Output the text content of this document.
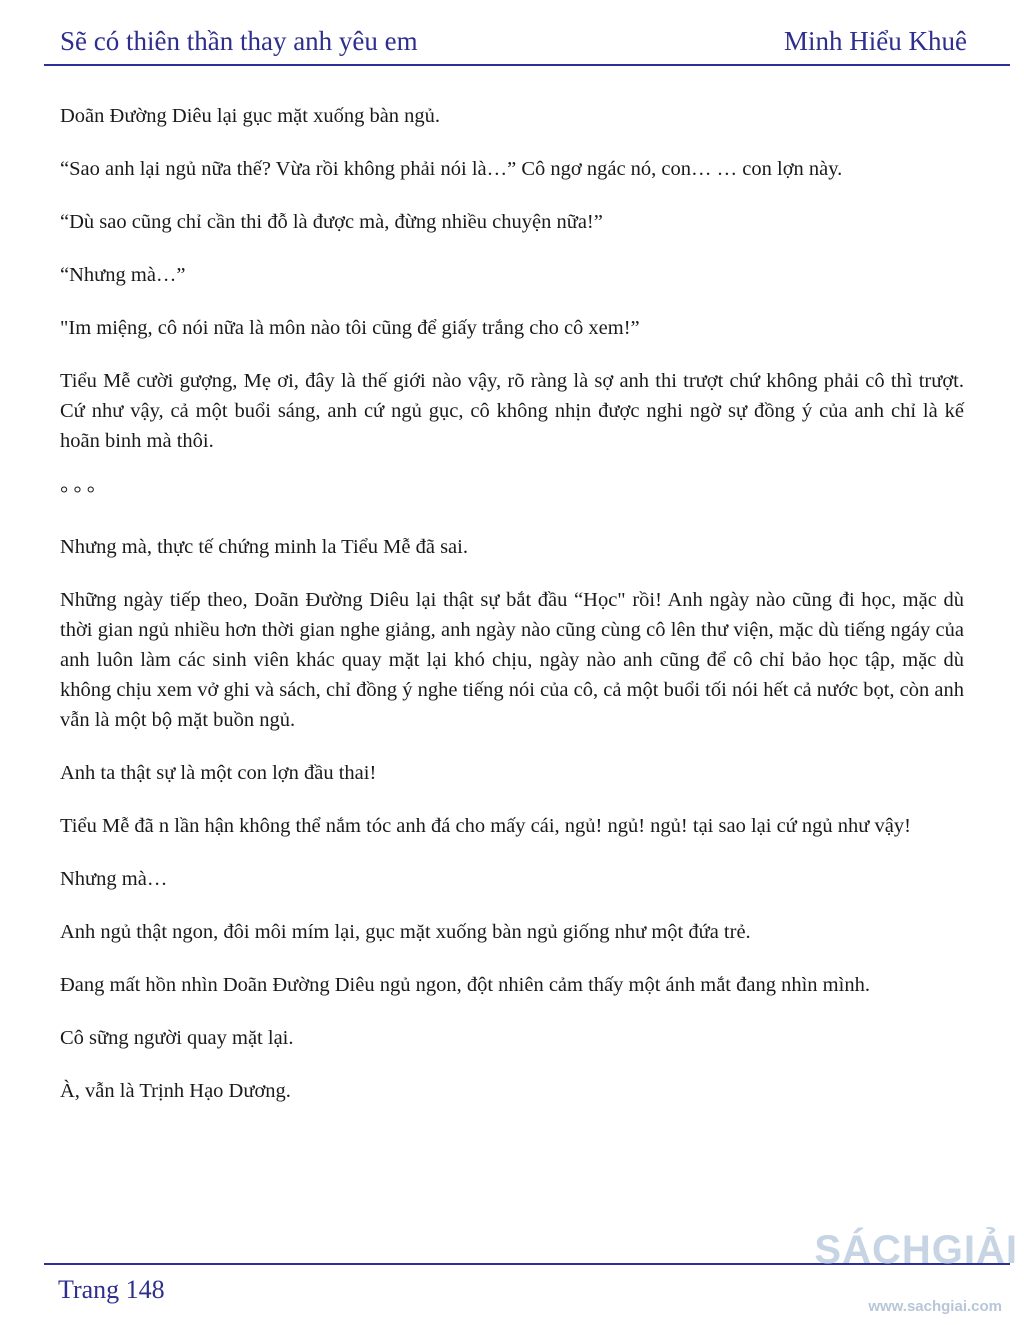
Sẽ có thiên thần thay anh yêu em	Minh Hiểu Khuê

Doãn Đường Diêu lại gục mặt xuống bàn ngủ.

“Sao anh lại ngủ nữa thế? Vừa rồi không phải nói là…” Cô ngơ ngác nó, con… … con lợn này.

“Dù sao cũng chỉ cần thi đỗ là được mà, đừng nhiều chuyện nữa!”

“Nhưng mà…”

"Im miệng, cô nói nữa là môn nào tôi cũng để giấy trắng cho cô xem!”

Tiểu Mễ cười gượng, Mẹ ơi, đây là thế giới nào vậy, rõ ràng là sợ anh thi trượt chứ không phải cô thì trượt. Cứ như vậy, cả một buổi sáng, anh cứ ngủ gục, cô không nhịn được nghi ngờ sự đồng ý của anh chỉ là kế hoãn binh mà thôi.

° ° °

Nhưng mà, thực tế chứng minh la Tiểu Mễ đã sai.

Những ngày tiếp theo, Doãn Đường Diêu lại thật sự bắt đầu “Học" rồi! Anh ngày nào cũng đi học, mặc dù thời gian ngủ nhiều hơn thời gian nghe giảng, anh ngày nào cũng cùng cô lên thư viện, mặc dù tiếng ngáy của anh luôn làm các sinh viên khác quay mặt lại khó chịu, ngày nào anh cũng để cô chỉ bảo học tập, mặc dù không chịu xem vở ghi và sách, chỉ đồng ý nghe tiếng nói của cô, cả một buổi tối nói hết cả nước bọt, còn anh vẫn là một bộ mặt buồn ngủ.

Anh ta thật sự là một con lợn đầu thai!

Tiểu Mễ đã n lần hận không thể nắm tóc anh đá cho mấy cái, ngủ! ngủ! ngủ! tại sao lại cứ ngủ như vậy!

Nhưng mà…

Anh ngủ thật ngon, đôi môi mím lại, gục mặt xuống bàn ngủ giống như một đứa trẻ.

Đang mất hồn nhìn Doãn Đường Diêu ngủ ngon, đột nhiên cảm thấy một ánh mắt đang nhìn mình.

Cô sững người quay mặt lại.

À, vẫn là Trịnh Hạo Dương.

Trang 148
SÁCHGIẢI
www.sachgiai.com
